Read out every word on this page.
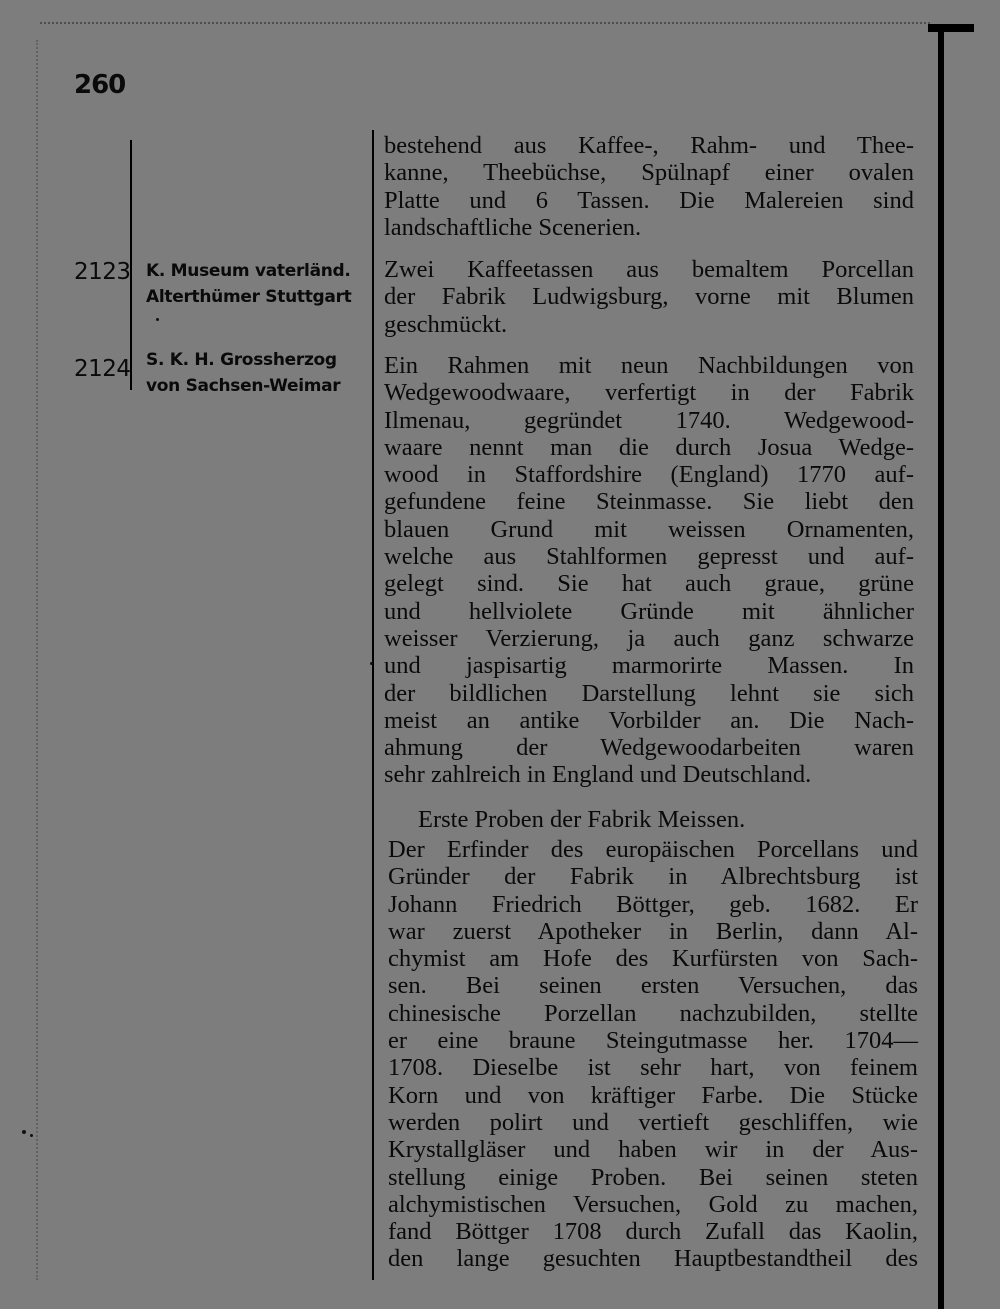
260
bestehend aus Kaffee-, Rahm- und Thee-
kanne, Theebüchse, Spülnapf einer ovalen
Platte und 6 Tassen. Die Malereien sind
landschaftliche Scenerien.
2123 K. Museum vaterländ.
Alterthümer Stuttgart
Zwei Kaffeetassen aus bemaltem Porcellan
der Fabrik Ludwigsburg, vorne mit Blumen
geschmückt.
2124 S. K. H. Grossherzog
von Sachsen-Weimar
Ein Rahmen mit neun Nachbildungen von
Wedgewoodwaare, verfertigt in der Fabrik
Ilmenau, gegründet 1740. Wedgewood-
waare nennt man die durch Josua Wedge-
wood in Staffordshire (England) 1770 auf-
gefundene feine Steinmasse. Sie liebt den
blauen Grund mit weissen Ornamenten,
welche aus Stahlformen gepresst und auf-
gelegt sind. Sie hat auch graue, grüne
und hellviolete Gründe mit ähnlicher
weisser Verzierung, ja auch ganz schwarze
und jaspisartig marmorirte Massen. In
der bildlichen Darstellung lehnt sie sich
meist an antike Vorbilder an. Die Nach-
ahmung der Wedgewoodarbeiten waren
sehr zahlreich in England und Deutschland.
Erste Proben der Fabrik Meissen.
Der Erfinder des europäischen Porcellans und
Gründer der Fabrik in Albrechtsburg ist
Johann Friedrich Böttger, geb. 1682. Er
war zuerst Apotheker in Berlin, dann Al-
chymist am Hofe des Kurfürsten von Sach-
sen. Bei seinen ersten Versuchen, das
chinesische Porzellan nachzubilden, stellte
er eine braune Steingutmasse her. 1704—
1708. Dieselbe ist sehr hart, von feinem
Korn und von kräftiger Farbe. Die Stücke
werden polirt und vertieft geschliffen, wie
Krystallgläser und haben wir in der Aus-
stellung einige Proben. Bei seinen steten
alchymistischen Versuchen, Gold zu machen,
fand Böttger 1708 durch Zufall das Kaolin,
den lange gesuchten Hauptbestandtheil des
